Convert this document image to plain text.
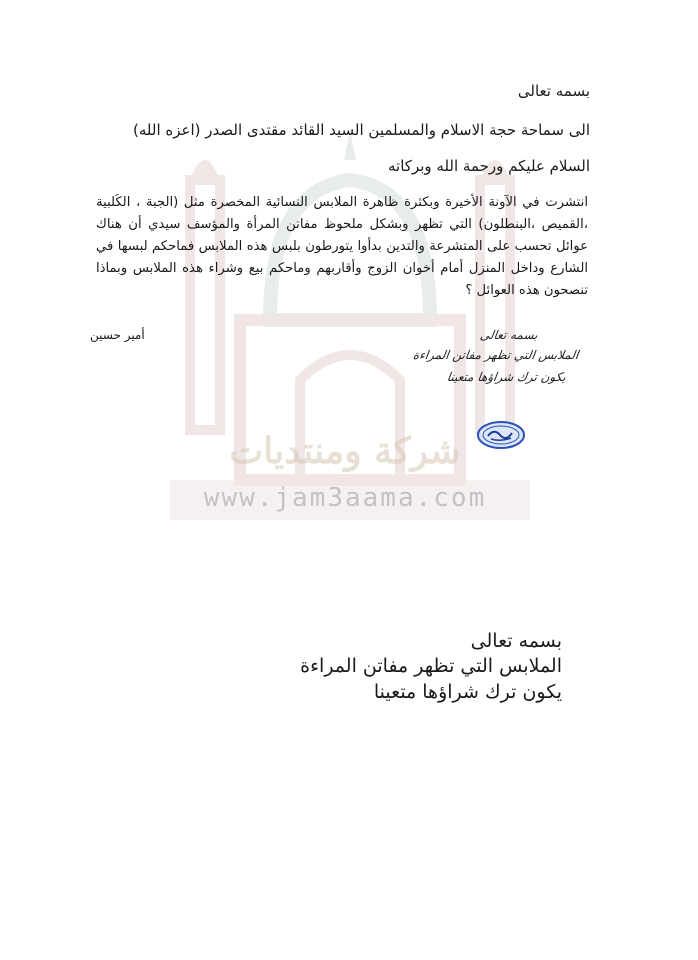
شركة ومنتديات
www.jam3aama.com
بسمه تعالى
الى سماحة حجة الاسلام والمسلمين السيد القائد مقتدى الصدر (اعزه الله)
السلام عليكم ورحمة الله وبركاته
انتشرت في الآونة الأخيرة وبكثرة ظاهرة الملابس النسائية المخصرة مثل (الجبة ، الكَلبية ،القميص ،البنطلون) التي تظهر وبشكل ملحوظ مفاتن المرأة والمؤسف سيدي أن هناك عوائل تحسب على المتشرعة والتدين بدأوا يتورطون بلبس هذه الملابس فماحكم لبسها في الشارع وداخل المنزل أمام أخوان الزوج وأقاربهم وماحكم بيع وشراء هذه الملابس وبماذا تنصحون هذه العوائل ؟
أمير حسين	بسمه تعالى
الملابس التي تظهر مفاتن المراءة
يكون ترك شراؤها متعينا
بسمه تعالى
الملابس التي تظهر مفاتن المراءة
يكون ترك شراؤها متعينا
